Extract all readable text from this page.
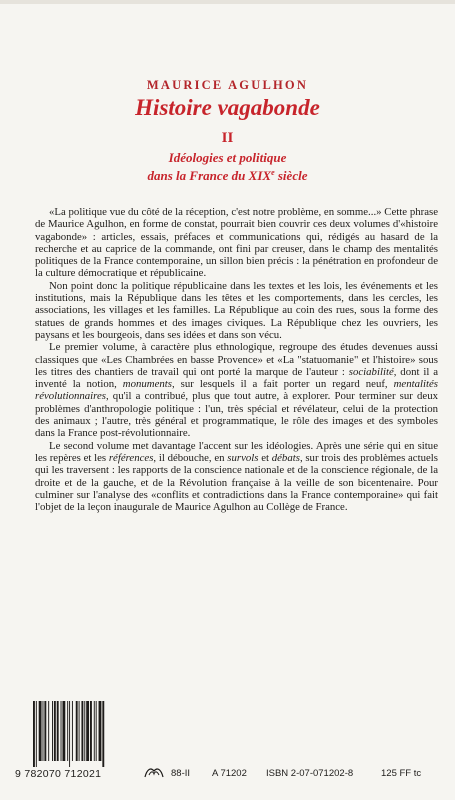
MAURICE AGULHON
Histoire vagabonde
II
Idéologies et politique
dans la France du XIXe siècle

«La politique vue du côté de la réception, c'est notre problème, en somme...» Cette phrase de Maurice Agulhon, en forme de constat, pourrait bien couvrir ces deux volumes d'«histoire vagabonde» : articles, essais, préfaces et communications qui, rédigés au hasard de la recherche et au caprice de la commande, ont fini par creuser, dans le champ des mentalités politiques de la France contemporaine, un sillon bien précis : la pénétration en profondeur de la culture démocratique et républicaine.

Non point donc la politique républicaine dans les textes et les lois, les événements et les institutions, mais la République dans les têtes et les comportements, dans les cercles, les associations, les villages et les familles. La République au coin des rues, sous la forme des statues de grands hommes et des images civiques. La République chez les ouvriers, les paysans et les bourgeois, dans ses idées et dans son vécu.

Le premier volume, à caractère plus ethnologique, regroupe des études devenues aussi classiques que «Les Chambrées en basse Provence» et «La "statuomanie" et l'histoire» sous les titres des chantiers de travail qui ont porté la marque de l'auteur : sociabilité, dont il a inventé la notion, monuments, sur lesquels il a fait porter un regard neuf, mentalités révolutionnaires, qu'il a contribué, plus que tout autre, à explorer. Pour terminer sur deux problèmes d'anthropologie politique : l'un, très spécial et révélateur, celui de la protection des animaux ; l'autre, très général et programmatique, le rôle des images et des symboles dans la France post-révolutionnaire.

Le second volume met davantage l'accent sur les idéologies. Après une série qui en situe les repères et les références, il débouche, en survols et débats, sur trois des problèmes actuels qui les traversent : les rapports de la conscience nationale et de la conscience régionale, de la droite et de la gauche, et de la Révolution française à la veille de son bicentenaire. Pour culminer sur l'analyse des «conflits et contradictions dans la France contemporaine» qui fait l'objet de la leçon inaugurale de Maurice Agulhon au Collège de France.

9 782070 712021	88-II A 71202 ISBN 2-07-071202-8	125 FF tc
